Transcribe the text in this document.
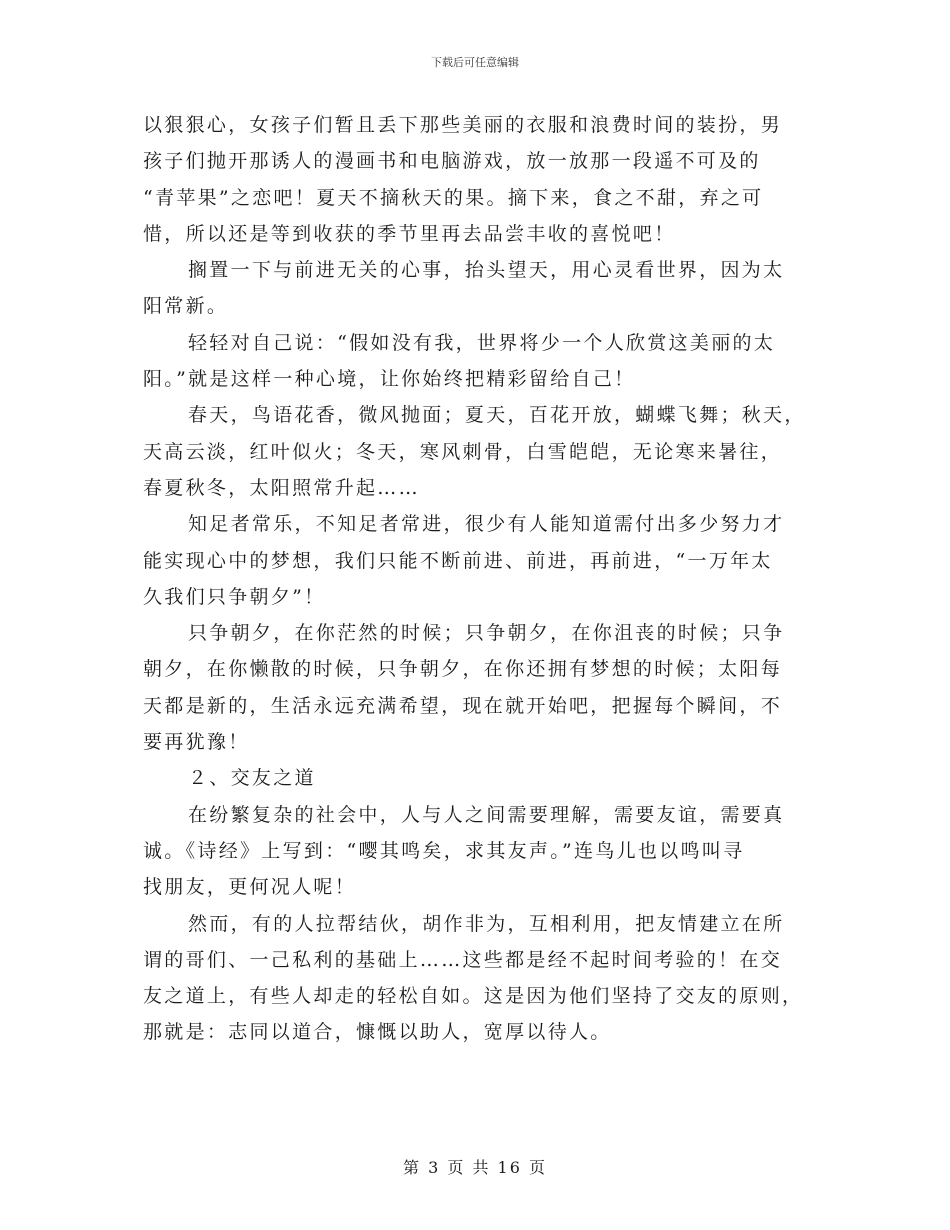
下载后可任意编辑

以狠狠心，女孩子们暂且丢下那些美丽的衣服和浪费时间的装扮，男
孩子们抛开那诱人的漫画书和电脑游戏，放一放那一段遥不可及的
“青苹果”之恋吧！夏天不摘秋天的果。摘下来，食之不甜，弃之可
惜，所以还是等到收获的季节里再去品尝丰收的喜悦吧！

搁置一下与前进无关的心事，抬头望天，用心灵看世界，因为太
阳常新。

轻轻对自己说：“假如没有我，世界将少一个人欣赏这美丽的太
阳。”就是这样一种心境，让你始终把精彩留给自己！

春天，鸟语花香，微风抛面；夏天，百花开放，蝴蝶飞舞；秋天，
天高云淡，红叶似火；冬天，寒风刺骨，白雪皑皑，无论寒来暑往，
春夏秋冬，太阳照常升起……

知足者常乐，不知足者常进，很少有人能知道需付出多少努力才
能实现心中的梦想，我们只能不断前进、前进，再前进，“一万年太
久我们只争朝夕”！

只争朝夕，在你茫然的时候；只争朝夕，在你沮丧的时候；只争
朝夕，在你懒散的时候，只争朝夕，在你还拥有梦想的时候；太阳每
天都是新的，生活永远充满希望，现在就开始吧，把握每个瞬间，不
要再犹豫！

２、交友之道

在纷繁复杂的社会中，人与人之间需要理解，需要友谊，需要真
诚。《诗经》上写到：“嘤其鸣矣，求其友声。”连鸟儿也以鸣叫寻
找朋友，更何况人呢！

然而，有的人拉帮结伙，胡作非为，互相利用，把友情建立在所
谓的哥们、一己私利的基础上……这些都是经不起时间考验的！在交
友之道上，有些人却走的轻松自如。这是因为他们坚持了交友的原则，
那就是：志同以道合，慷慨以助人，宽厚以待人。

第 3 页 共 16 页
